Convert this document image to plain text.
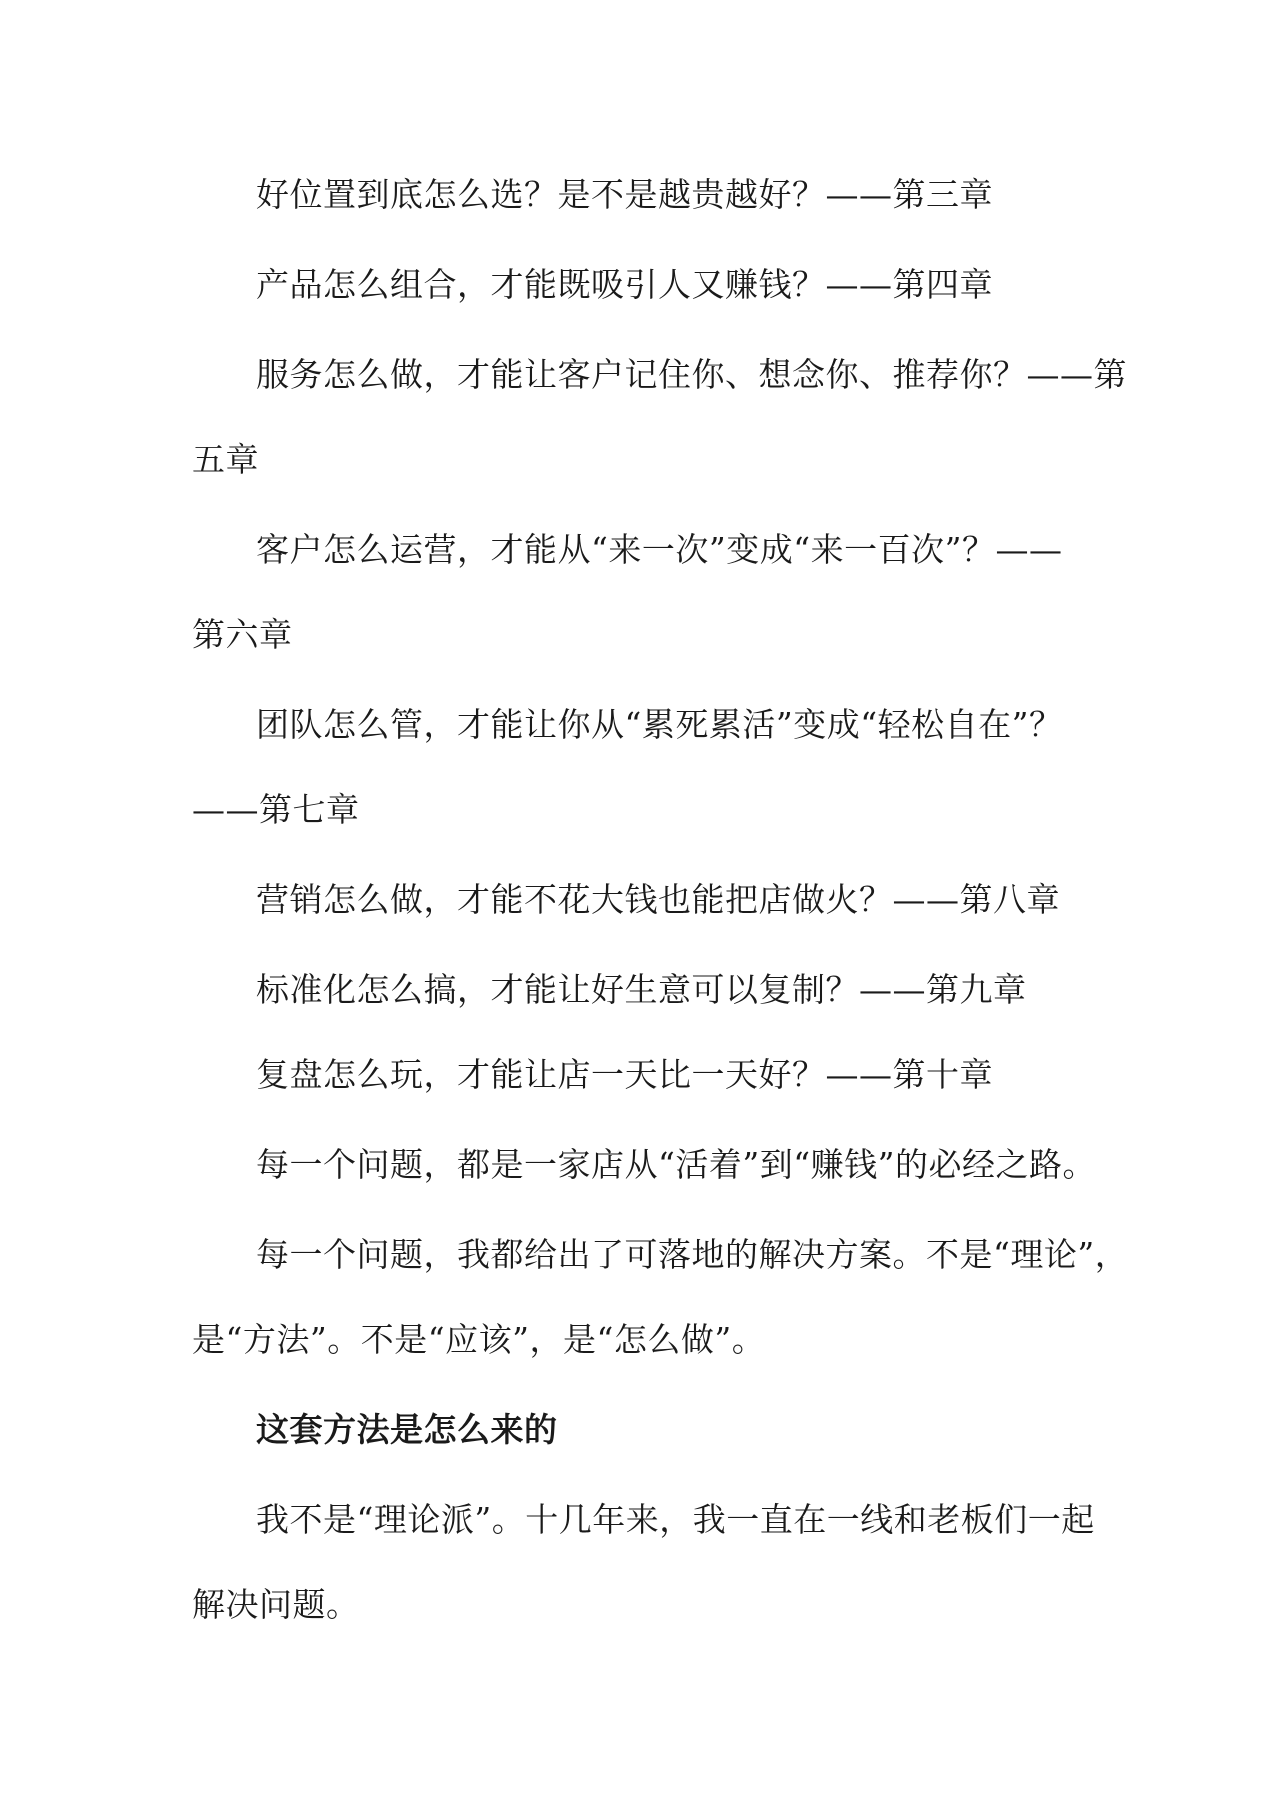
好位置到底怎么选？是不是越贵越好？——第三章
产品怎么组合，才能既吸引人又赚钱？——第四章
服务怎么做，才能让客户记住你、想念你、推荐你？——第
五章
客户怎么运营，才能从“来一次”变成“来一百次”？——
第六章
团队怎么管，才能让你从“累死累活”变成“轻松自在”？
——第七章
营销怎么做，才能不花大钱也能把店做火？——第八章
标准化怎么搞，才能让好生意可以复制？——第九章
复盘怎么玩，才能让店一天比一天好？——第十章
每一个问题，都是一家店从“活着”到“赚钱”的必经之路。
每一个问题，我都给出了可落地的解决方案。不是“理论”，
是“方法”。不是“应该”，是“怎么做”。
这套方法是怎么来的
我不是“理论派”。十几年来，我一直在一线和老板们一起
解决问题。
